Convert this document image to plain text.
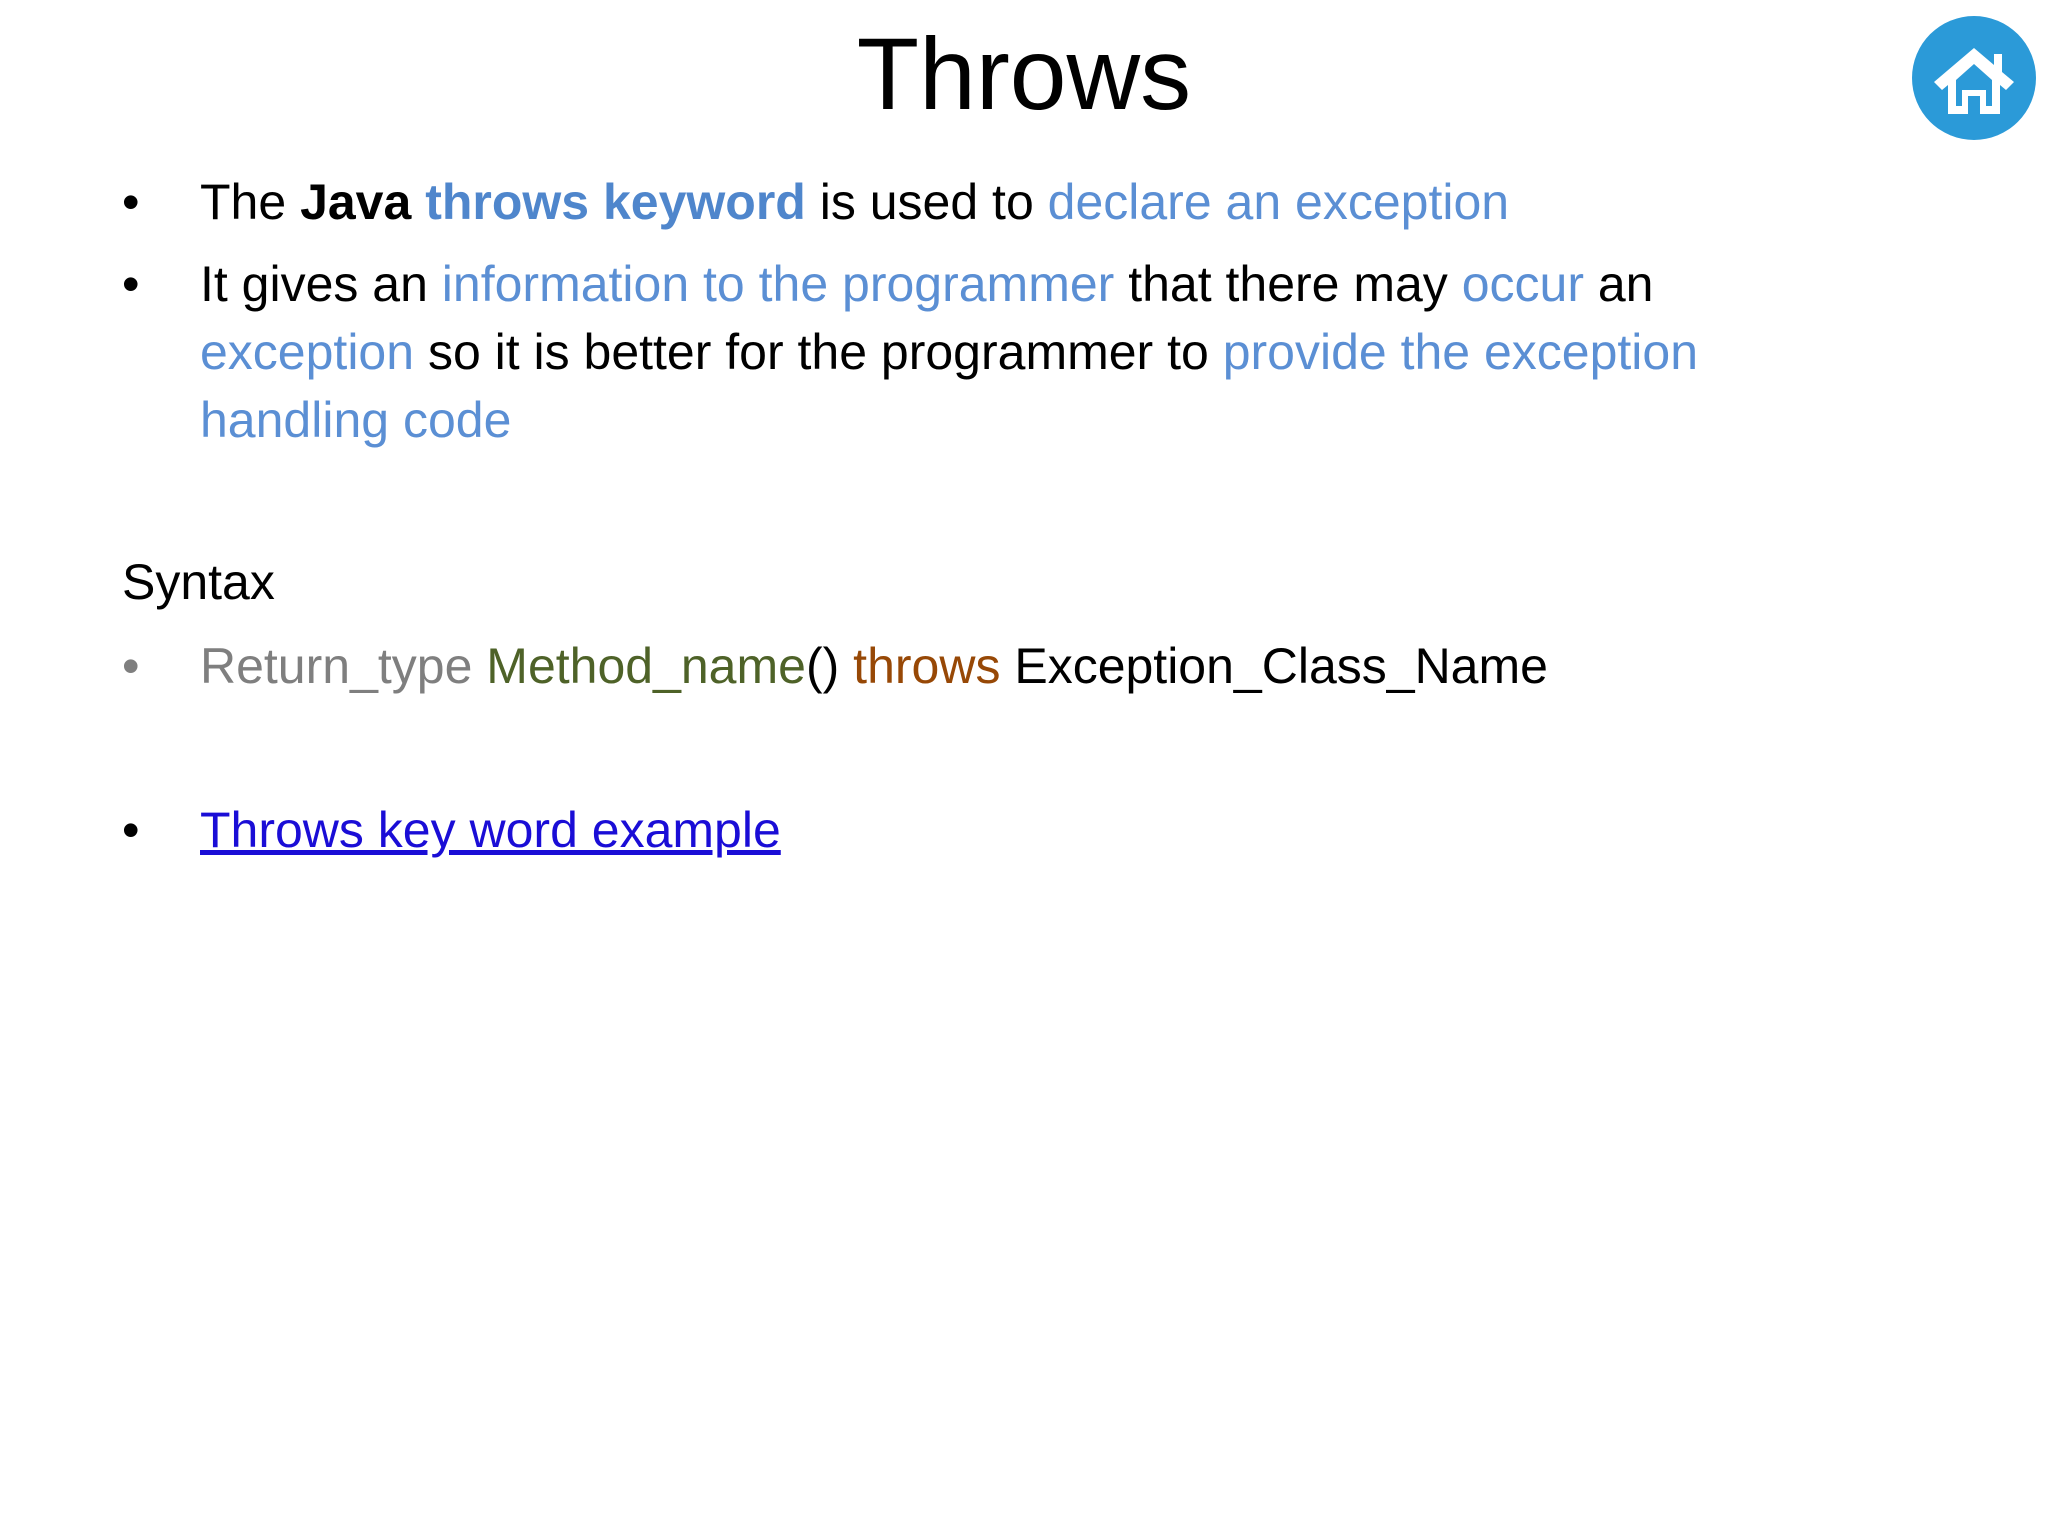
Throws
•	The Java throws keyword is used to declare an exception
•	It gives an information to the programmer that there may occur an exception so it is better for the programmer to provide the exception handling code
Syntax
•	Return_type Method_name() throws Exception_Class_Name
•	Throws key word example
